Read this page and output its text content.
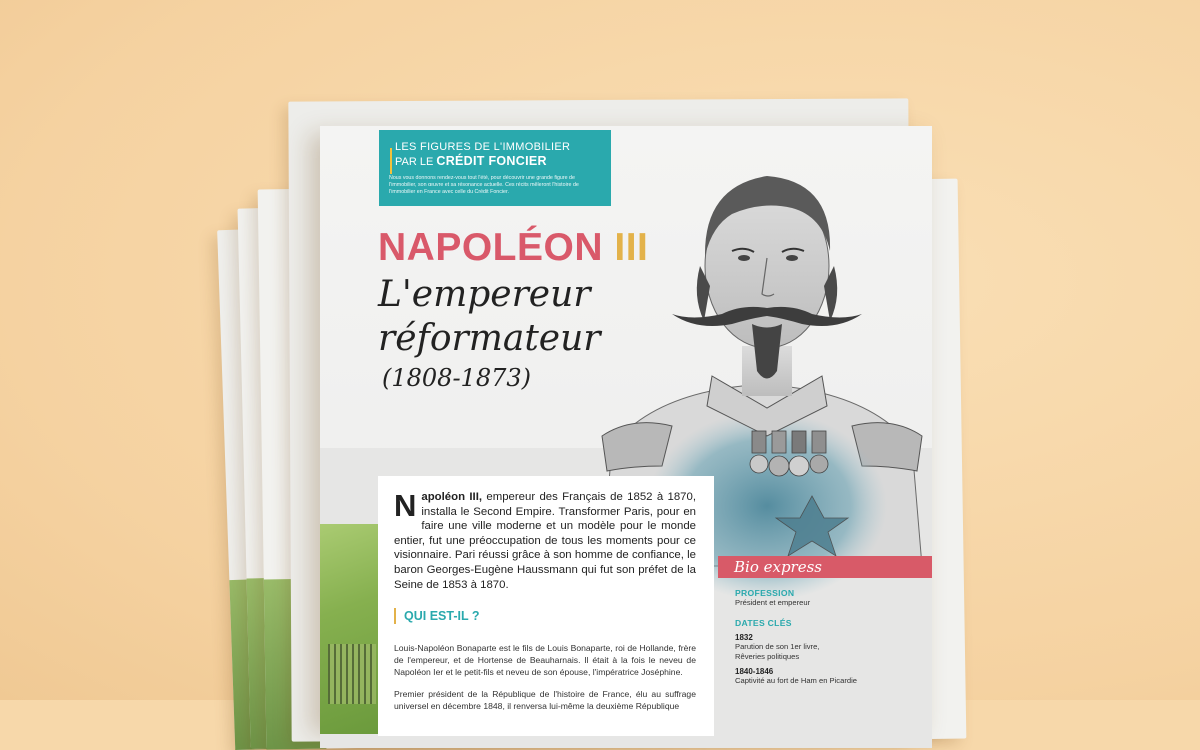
LES FIGURES DE L'IMMOBILIER
PAR LE CRÉDIT FONCIER
Nous vous donnons rendez-vous tout l'été, pour découvrir une grande figure de l'immobilier, son œuvre et sa résonance actuelle. Ces récits mêleront l'histoire de l'immobilier en France avec celle du Crédit Foncier.
NAPOLÉON III
L'empereur
réformateur
(1808-1873)

Napoléon III, empereur des Français de 1852 à 1870, installa le Second Empire. Transformer Paris, pour en faire une ville moderne et un modèle pour le monde entier, fut une préoccupation de tous les moments pour ce visionnaire. Pari réussi grâce à son homme de confiance, le baron Georges-Eugène Haussmann qui fut son préfet de la Seine de 1853 à 1870.

QUI EST-IL ?

Louis-Napoléon Bonaparte est le fils de Louis Bonaparte, roi de Hollande, frère de l'empereur, et de Hortense de Beauharnais. Il était à la fois le neveu de Napoléon Ier et le petit-fils et neveu de son épouse, l'impératrice Joséphine.

Premier président de la République de l'histoire de France, élu au suffrage universel en décembre 1848, il renversa lui-même la deuxième République

Bio express
PROFESSION
Président et empereur
DATES CLÉS
1832
Parution de son 1er livre,
Rêveries politiques
1840-1846
Captivité au fort de Ham en Picardie
